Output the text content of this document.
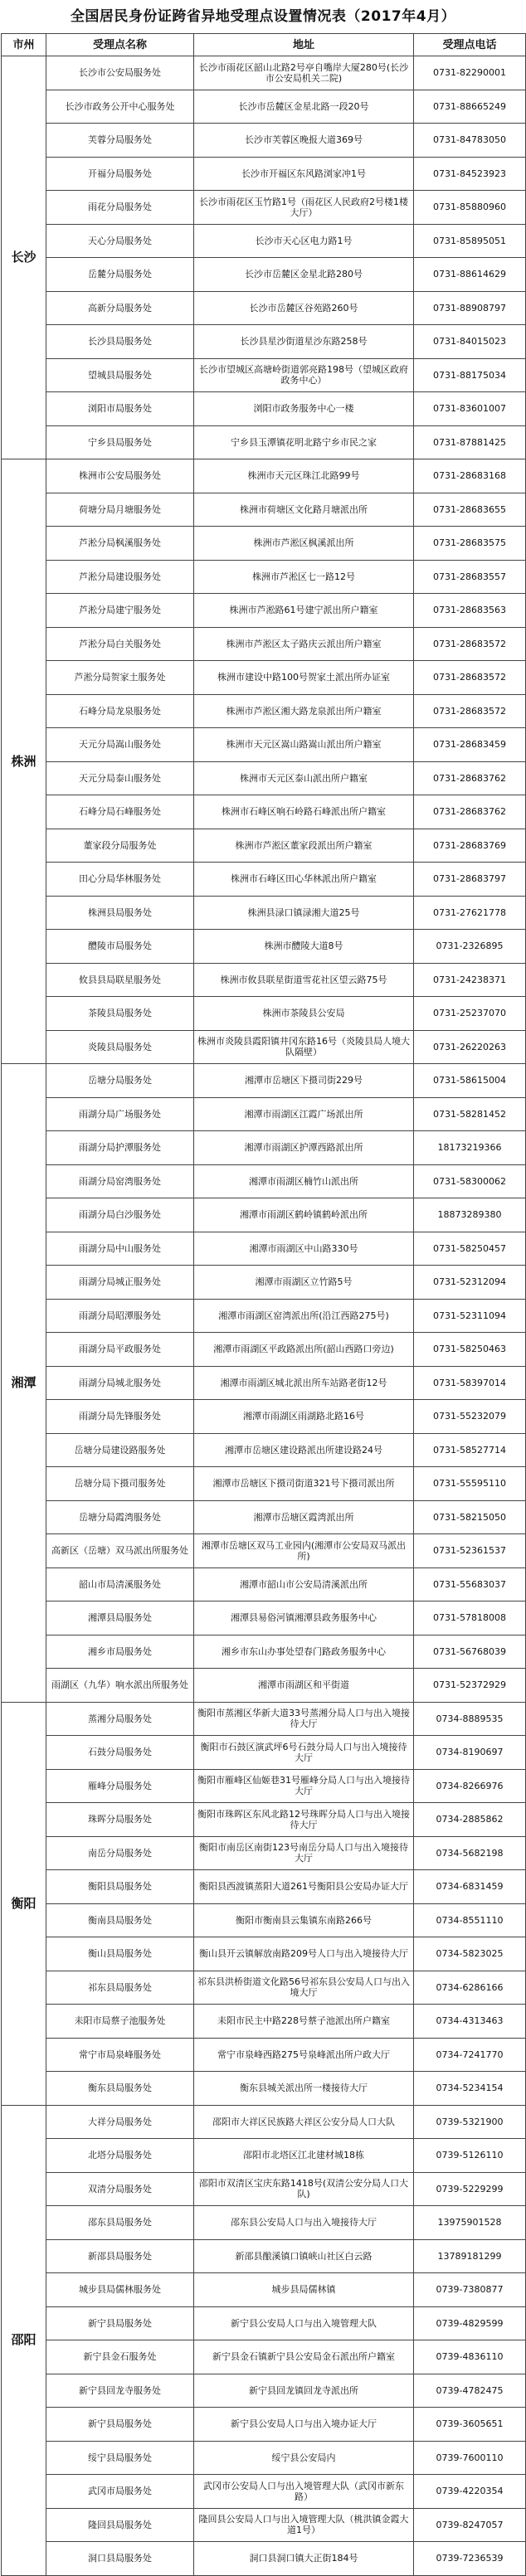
全国居民身份证跨省异地受理点设置情况表（2017年4月）
市州	受理点名称	地址	受理点电话
长沙	长沙市公安局服务处	长沙市雨花区韶山北路2号亭自嘴岸大厦280号(长沙市公安局机关二院)	0731-82290001
	长沙市政务公开中心服务处	长沙市岳麓区金星北路一段20号	0731-88665249
	芙蓉分局服务处	长沙市芙蓉区晚报大道369号	0731-84783050
	开福分局服务处	长沙市开福区东风路浏家冲1号	0731-84523923
	雨花分局服务处	长沙市雨花区玉竹路1号（雨花区人民政府2号楼1楼大厅）	0731-85880960
	天心分局服务处	长沙市天心区电力路1号	0731-85895051
	岳麓分局服务处	长沙市岳麓区金星北路280号	0731-88614629
	高新分局服务处	长沙市岳麓区谷苑路260号	0731-88908797
	长沙县局服务处	长沙县星沙街道星沙东路258号	0731-84015023
	望城县局服务处	长沙市望城区高塘岭街道郭亮路198号（望城区政府政务中心）	0731-88175034
	浏阳市局服务处	浏阳市政务服务中心一楼	0731-83601007
	宁乡县局服务处	宁乡县玉潭镇花明北路宁乡市民之家	0731-87881425
株洲	株洲市公安局服务处	株洲市天元区珠江北路99号	0731-28683168
	荷塘分局月塘服务处	株洲市荷塘区文化路月塘派出所	0731-28683655
	芦淞分局枫溪服务处	株洲市芦淞区枫溪派出所	0731-28683575
	芦淞分局建设服务处	株洲市芦淞区七一路12号	0731-28683557
	芦淞分局建宁服务处	株洲市芦淞路61号建宁派出所户籍室	0731-28683563
	芦淞分局白关服务处	株洲市芦淞区太子路庆云派出所户籍室	0731-28683572
	芦淞分局贺家土服务处	株洲市建设中路100号贺家土派出所办证室	0731-28683572
	石峰分局龙泉服务处	株洲市芦淞区湘大路龙泉派出所户籍室	0731-28683572
	天元分局嵩山服务处	株洲市天元区嵩山路嵩山派出所户籍室	0731-28683459
	天元分局泰山服务处	株洲市天元区泰山派出所户籍室	0731-28683762
	石峰分局石峰服务处	株洲市石峰区响石岭路石峰派出所户籍室	0731-28683762
	董家段分局服务处	株洲市芦淞区董家段派出所户籍室	0731-28683769
	田心分局华林服务处	株洲市石峰区田心华林派出所户籍室	0731-28683797
	株洲县局服务处	株洲县渌口镇渌湘大道25号	0731-27621778
	醴陵市局服务处	株洲市醴陵大道8号	0731-2326895
	攸县县局联星服务处	株洲市攸县联星街道雪花社区望云路75号	0731-24238371
	茶陵县局服务处	株洲市茶陵县公安局	0731-25237070
	炎陵县局服务处	株洲市炎陵县霞阳镇井冈东路16号（炎陵县局人境大队隔壁）	0731-26220263
湘潭	岳塘分局服务处	湘潭市岳塘区下摄司街229号	0731-58615004
	雨湖分局广场服务处	湘潭市雨湖区江霞广场派出所	0731-58281452
	雨湖分局护潭服务处	湘潭市雨湖区护潭西路派出所	18173219366
	雨湖分局窑湾服务处	湘潭市雨湖区楠竹山派出所	0731-58300062
	雨湖分局白沙服务处	湘潭市雨湖区鹤岭镇鹤岭派出所	18873289380
	雨湖分局中山服务处	湘潭市雨湖区中山路330号	0731-58250457
	雨湖分局城正服务处	湘潭市雨湖区立竹路5号	0731-52312094
	雨湖分局昭潭服务处	湘潭市雨湖区窑湾派出所(沿江西路275号)	0731-52311094
	雨湖分局平政服务处	湘潭市雨湖区平政路派出所(韶山西路口旁边)	0731-58250463
	雨湖分局城北服务处	湘潭市雨湖区城北派出所车站路老街12号	0731-58397014
	雨湖分局先锋服务处	湘潭市雨湖区雨湖路北路16号	0731-55232079
	岳塘分局建设路服务处	湘潭市岳塘区建设路派出所建设路24号	0731-58527714
	岳塘分局下摄司服务处	湘潭市岳塘区下摄司街道321号下摄司派出所	0731-55595110
	岳塘分局霞湾服务处	湘潭市岳塘区霞湾派出所	0731-58215050
	高新区（岳塘）双马派出所服务处	湘潭市岳塘区双马工业园内(湘潭市公安局双马派出所)	0731-52361537
	韶山市局清溪服务处	湘潭市韶山市公安局清溪派出所	0731-55683037
	湘潭县局服务处	湘潭县易俗河镇湘潭县政务服务中心	0731-57818008
	湘乡市局服务处	湘乡市东山办事处望春门路政务服务中心	0731-56768039
	雨湖区（九华）响水派出所服务处	湘潭市雨湖区和平街道	0731-52372929
衡阳	蒸湘分局服务处	衡阳市蒸湘区华新大道33号蒸湘分局人口与出入境接待大厅	0734-8889535
	石鼓分局服务处	衡阳市石鼓区演武坪6号石鼓分局人口与出入境接待大厅	0734-8190697
	雁峰分局服务处	衡阳市雁峰区仙姬巷31号雁峰分局人口与出入境接待大厅	0734-8266976
	珠晖分局服务处	衡阳市珠晖区东风北路12号珠晖分局人口与出入境接待大厅	0734-2885862
	南岳分局服务处	衡阳市南岳区南街123号南岳分局人口与出入境接待大厅	0734-5682198
	衡阳县局服务处	衡阳县西渡镇蒸阳大道261号衡阳县公安局办证大厅	0734-6831459
	衡南县局服务处	衡阳市衡南县云集镇东南路266号	0734-8551110
	衡山县局服务处	衡山县开云镇解放南路209号人口与出入境接待大厅	0734-5823025
	祁东县局服务处	祁东县洪桥街道文化路56号祁东县公安局人口与出入境大厅	0734-6286166
	耒阳市局蔡子池服务处	耒阳市民主中路228号蔡子池派出所户籍室	0734-4313463
	常宁市局泉峰服务处	常宁市泉峰西路275号泉峰派出所户政大厅	0734-7241770
	衡东县局服务处	衡东县城关派出所一楼接待大厅	0734-5234154
邵阳	大祥分局服务处	邵阳市大祥区民族路大祥区公安分局人口大队	0739-5321900
	北塔分局服务处	邵阳市北塔区江北建材城18栋	0739-5126110
	双清分局服务处	邵阳市双清区宝庆东路1418号(双清公安分局人口大队)	0739-5229299
	邵东县局服务处	邵东县公安局人口与出入境接待大厅	13975901528
	新邵县局服务处	新邵县酿溪镇口镇峡山社区白云路	13789181299
	城步县局儒林服务处	城步县局儒林镇	0739-7380877
	新宁县局服务处	新宁县公安局人口与出入境管理大队	0739-4829599
	新宁县金石服务处	新宁县金石镇新宁县公安局金石派出所户籍室	0739-4836110
	新宁县回龙寺服务处	新宁县回龙镇回龙寺派出所	0739-4782475
	新宁县局服务处	新宁县公安局人口与出入境办证大厅	0739-3605651
	绥宁县局服务处	绥宁县公安局内	0739-7600110
	武冈市局服务处	武冈市公安局人口与出入境管理大队（武冈市新东路）	0739-4220354
	隆回县局服务处	隆回县公安局人口与出入境管理大队（桃洪镇金霞大道1号）	0739-8247057
	洞口县局服务处	洞口县洞口镇大正街184号	0739-7236539
